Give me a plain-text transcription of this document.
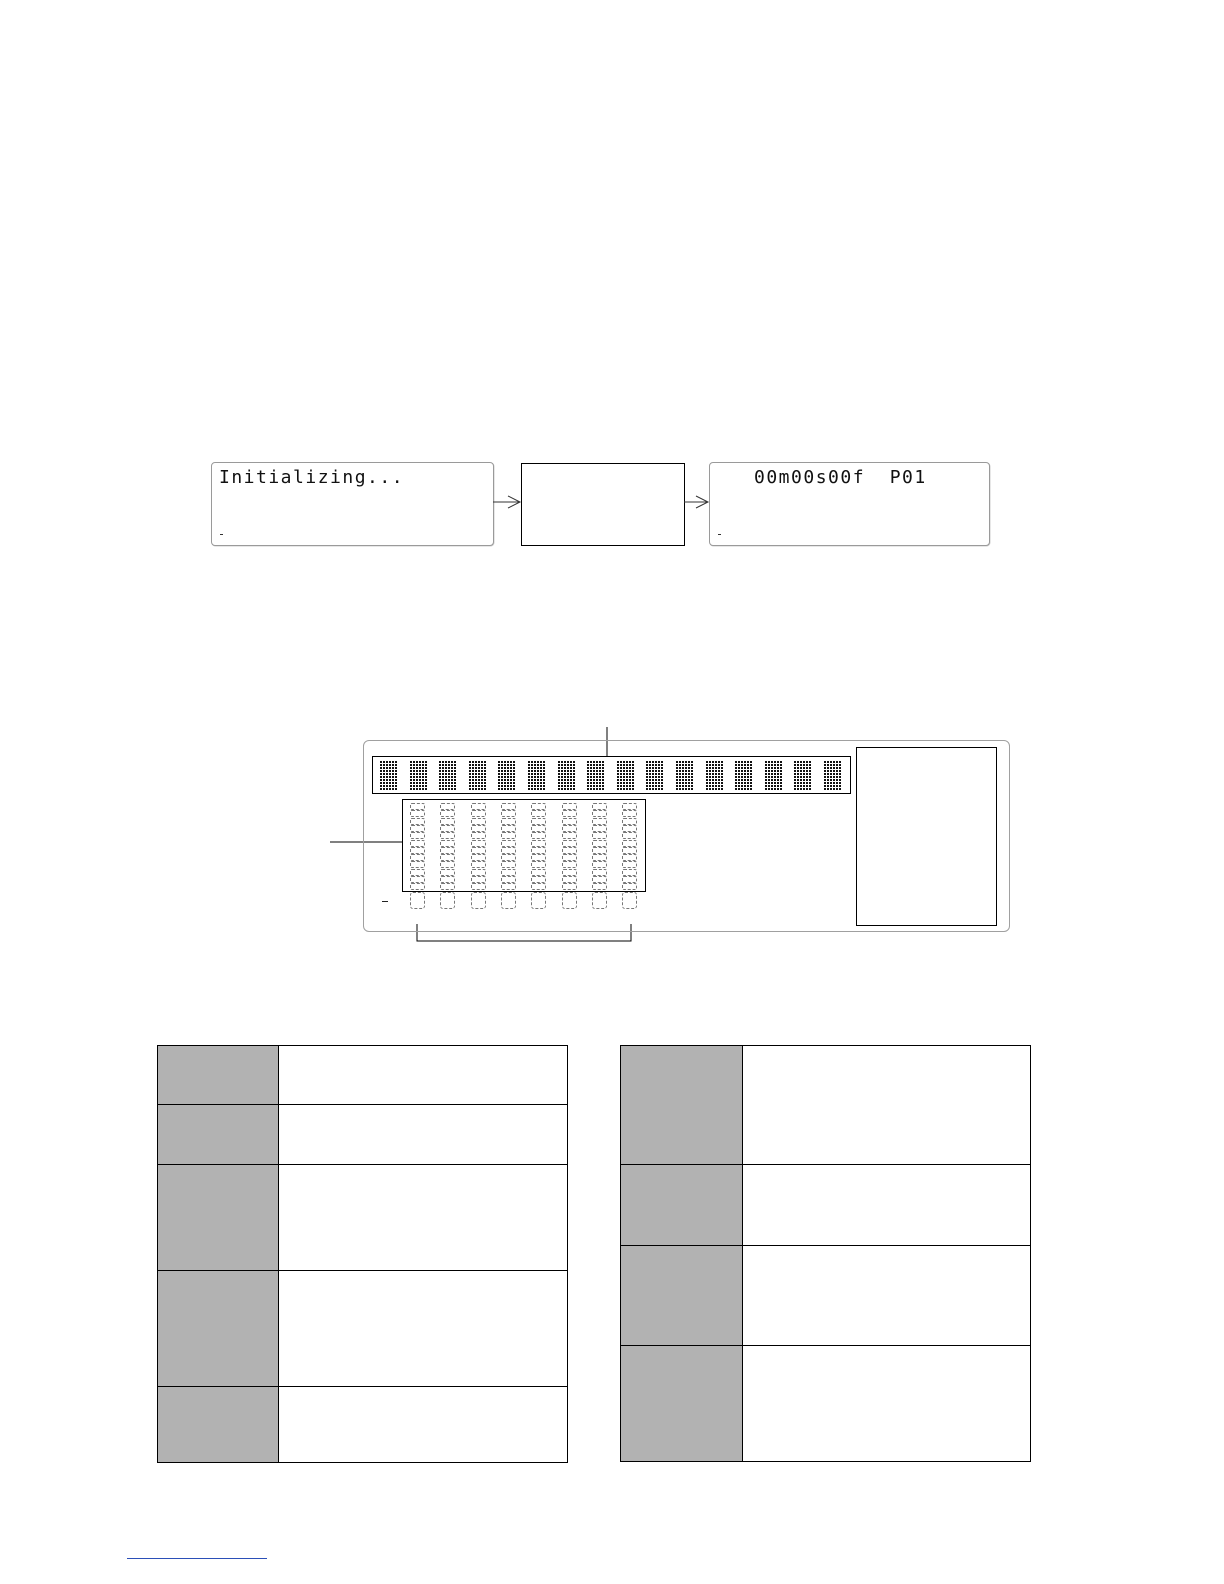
Initializing...	00m00s00f  P01
